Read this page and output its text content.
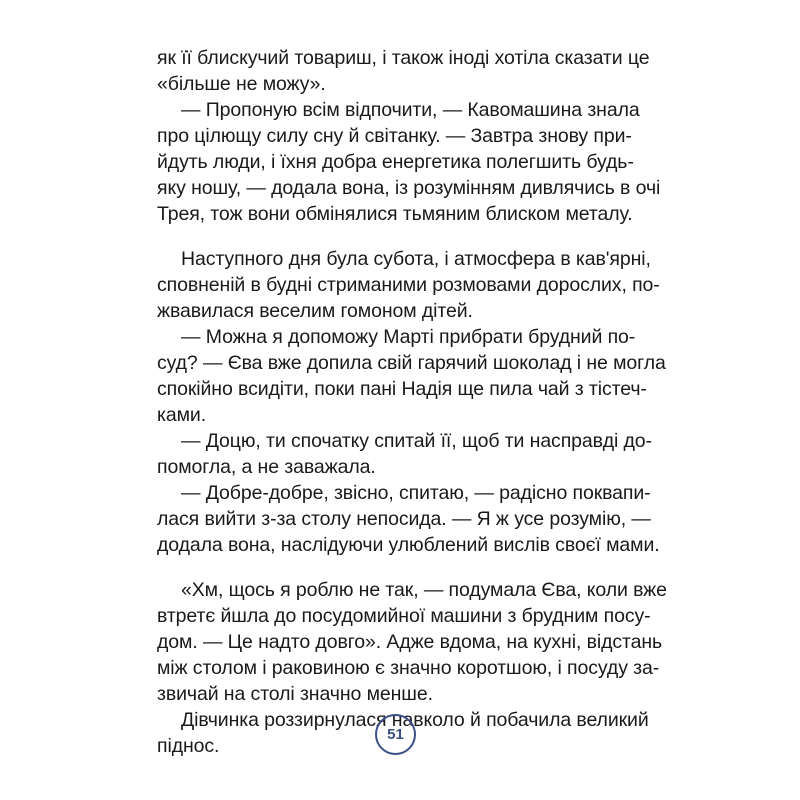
як її блискучий товариш, і також іноді хотіла сказати це
«більше не можу».
— Пропоную всім відпочити, — Кавомашина знала
про цілющу силу сну й світанку. — Завтра знову при-
йдуть люди, і їхня добра енергетика полегшить будь-
яку ношу, — додала вона, із розумінням дивлячись в очі
Трея, тож вони обмінялися тьмяним блиском металу.
Наступного дня була субота, і атмосфера в кав'ярні,
сповненій в будні стриманими розмовами дорослих, по-
жвавилася веселим гомоном дітей.
— Можна я допоможу Марті прибрати брудний по-
суд? — Єва вже допила свій гарячий шоколад і не могла
спокійно всидіти, поки пані Надія ще пила чай з тістеч-
ками.
— Доцю, ти спочатку спитай її, щоб ти насправді до-
помогла, а не заважала.
— Добре-добре, звісно, спитаю, — радісно поквапи-
лася вийти з-за столу непосида. — Я ж усе розумію, —
додала вона, наслідуючи улюблений вислів своєї мами.
«Хм, щось я роблю не так, — подумала Єва, коли вже
втретє йшла до посудомийної машини з брудним посу-
дом. — Це надто довго». Адже вдома, на кухні, відстань
між столом і раковиною є значно коротшою, і посуду за-
звичай на столі значно менше.
Дівчинка роззирнулася навколо й побачила великий
піднос.
51
